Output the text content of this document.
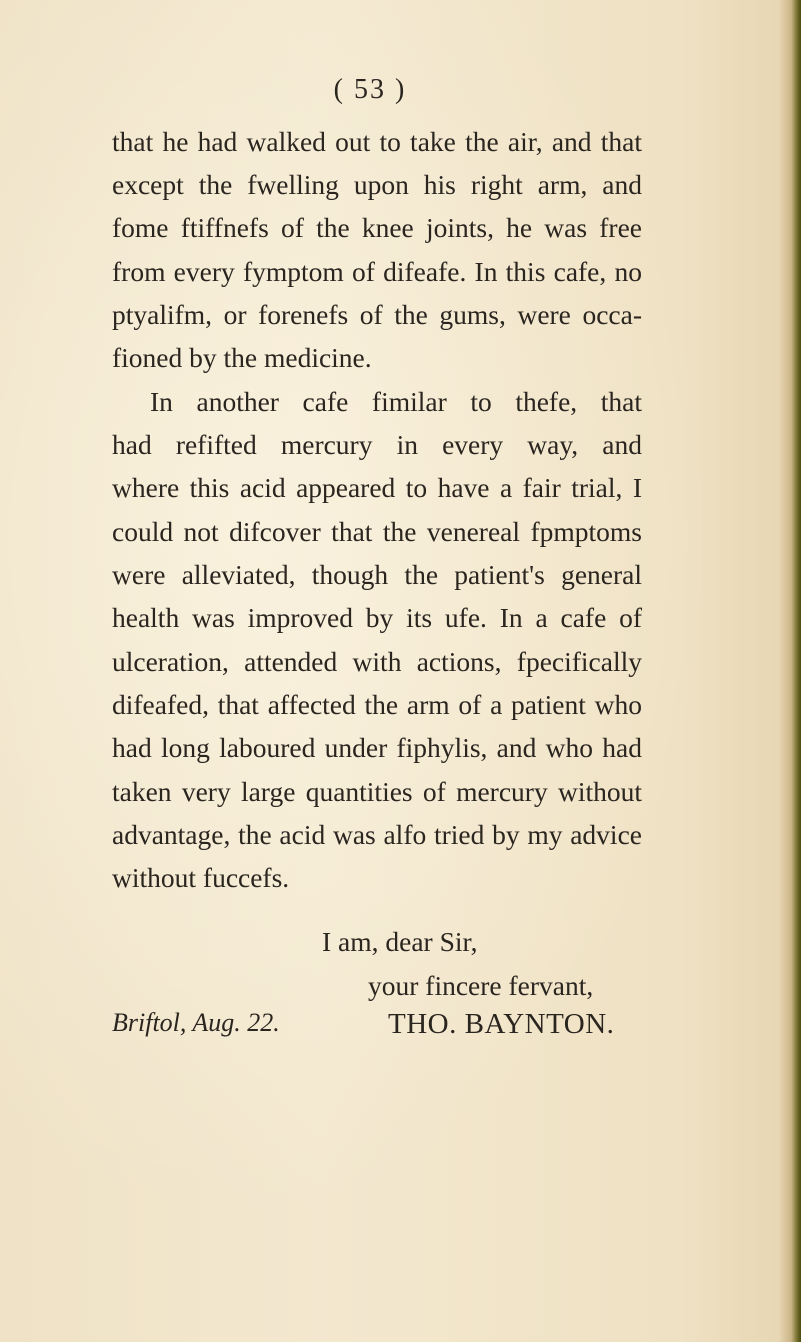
( 53 )
that he had walked out to take the air, and that
except the fwelling upon his right arm, and
fome ftiffnefs of the knee joints, he was free
from every fymptom of difeafe. In this cafe, no
ptyalifm, or forenefs of the gums, were occa-
fioned by the medicine.
In another cafe fimilar to thefe, that
had refifted mercury in every way, and
where this acid appeared to have a fair trial, I
could not difcover that the venereal fpmptoms
were alleviated, though the patient's general
health was improved by its ufe. In a cafe of
ulceration, attended with actions, fpecifically
difeafed, that affected the arm of a patient who
had long laboured under fiphylis, and who had
taken very large quantities of mercury without
advantage, the acid was alfo tried by my advice
without fuccefs.
I am, dear Sir,
your fincere fervant,
Briftol, Aug. 22.	THO. BAYNTON.
